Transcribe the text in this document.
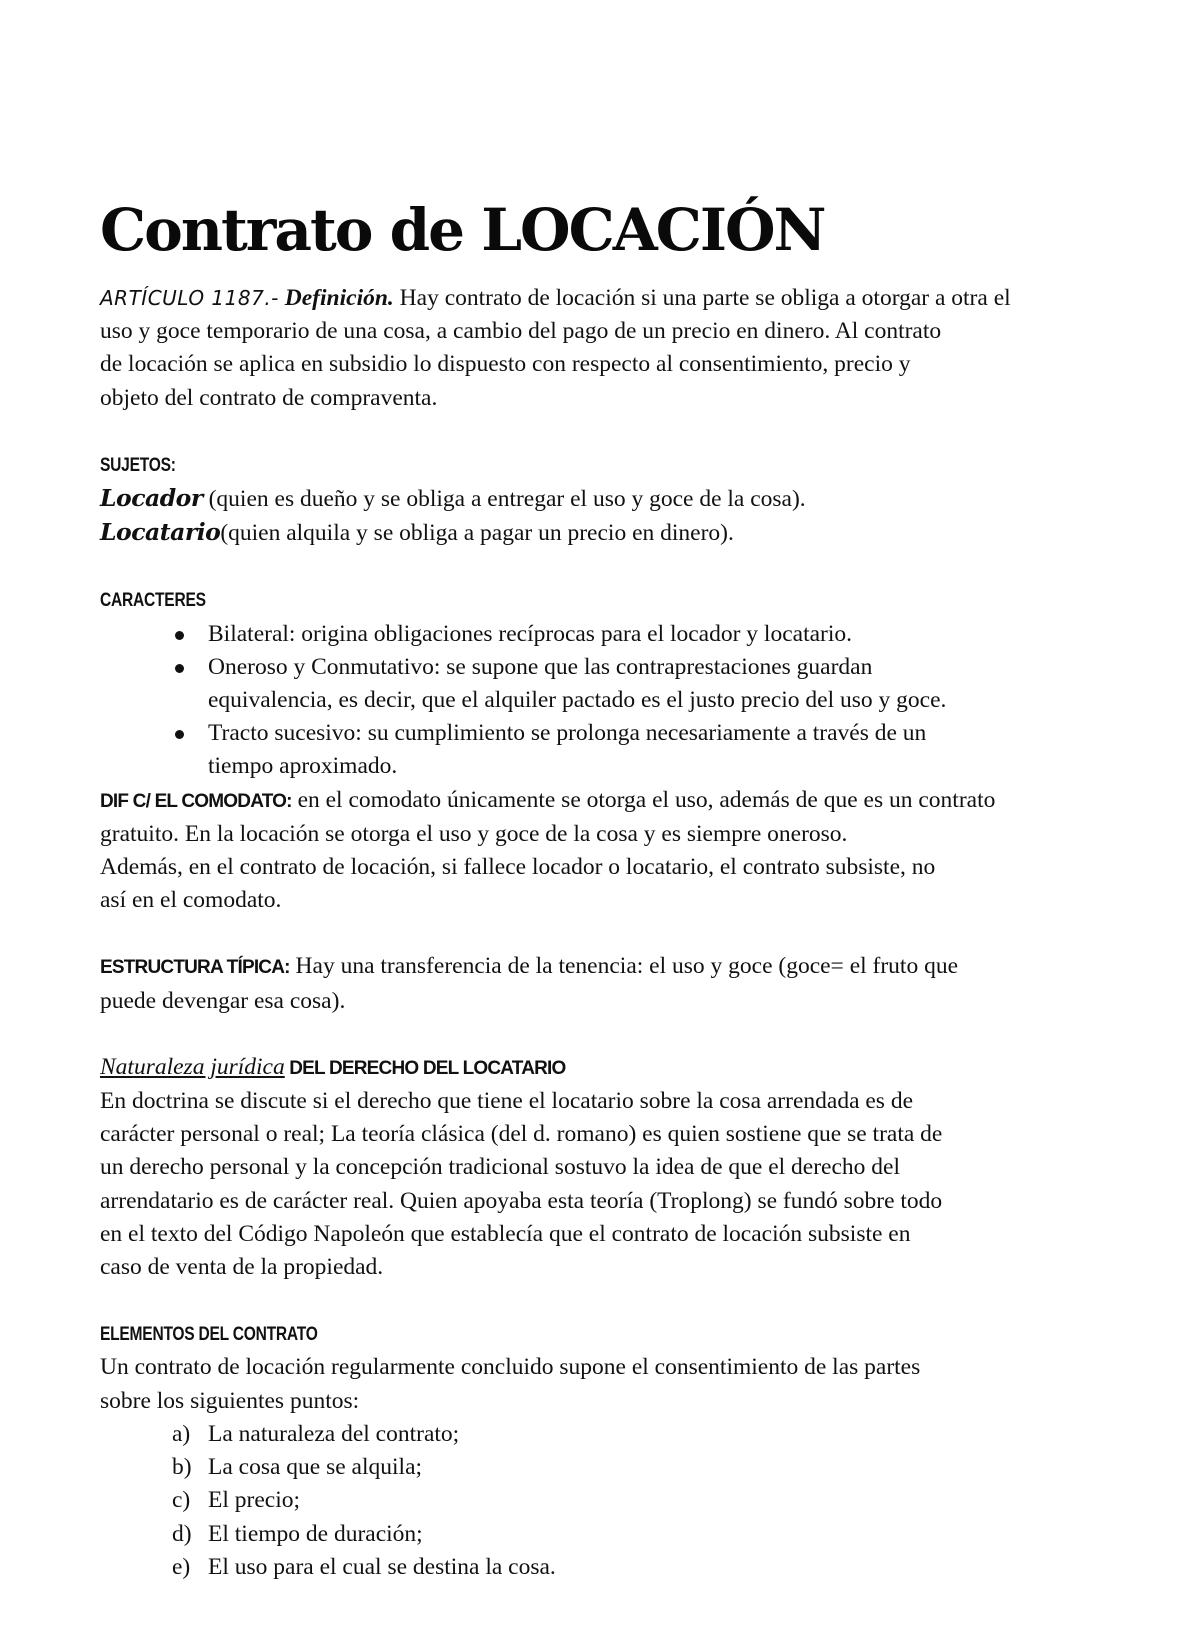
Contrato de LOCACIÓN

ARTÍCULO 1187.- Definición. Hay contrato de locación si una parte se obliga a otorgar a otra el

uso y goce temporario de una cosa, a cambio del pago de un precio en dinero. Al contrato

de locación se aplica en subsidio lo dispuesto con respecto al consentimiento, precio y

objeto del contrato de compraventa.

SUJETOS:

Locador (quien es dueño y se obliga a entregar el uso y goce de la cosa).

Locatario(quien alquila y se obliga a pagar un precio en dinero).

CARACTERES

Bilateral: origina obligaciones recíprocas para el locador y locatario.
Oneroso y Conmutativo: se supone que las contraprestaciones guardan
equivalencia, es decir, que el alquiler pactado es el justo precio del uso y goce.
Tracto sucesivo: su cumplimiento se prolonga necesariamente a través de un
tiempo aproximado.

DIF C/ EL COMODATO: en el comodato únicamente se otorga el uso, además de que es un contrato

gratuito. En la locación se otorga el uso y goce de la cosa y es siempre oneroso.

Además, en el contrato de locación, si fallece locador o locatario, el contrato subsiste, no

así en el comodato.

ESTRUCTURA TÍPICA: Hay una transferencia de la tenencia: el uso y goce (goce= el fruto que

puede devengar esa cosa).

Naturaleza jurídica DEL DERECHO DEL LOCATARIO

En doctrina se discute si el derecho que tiene el locatario sobre la cosa arrendada es de

carácter personal o real; La teoría clásica (del d. romano) es quien sostiene que se trata de

un derecho personal y la concepción tradicional sostuvo la idea de que el derecho del

arrendatario es de carácter real. Quien apoyaba esta teoría (Troplong) se fundó sobre todo

en el texto del Código Napoleón que establecía que el contrato de locación subsiste en

caso de venta de la propiedad.

ELEMENTOS DEL CONTRATO

Un contrato de locación regularmente concluido supone el consentimiento de las partes

sobre los siguientes puntos:

a) La naturaleza del contrato;
b) La cosa que se alquila;
c) El precio;
d) El tiempo de duración;
e) El uso para el cual se destina la cosa.
